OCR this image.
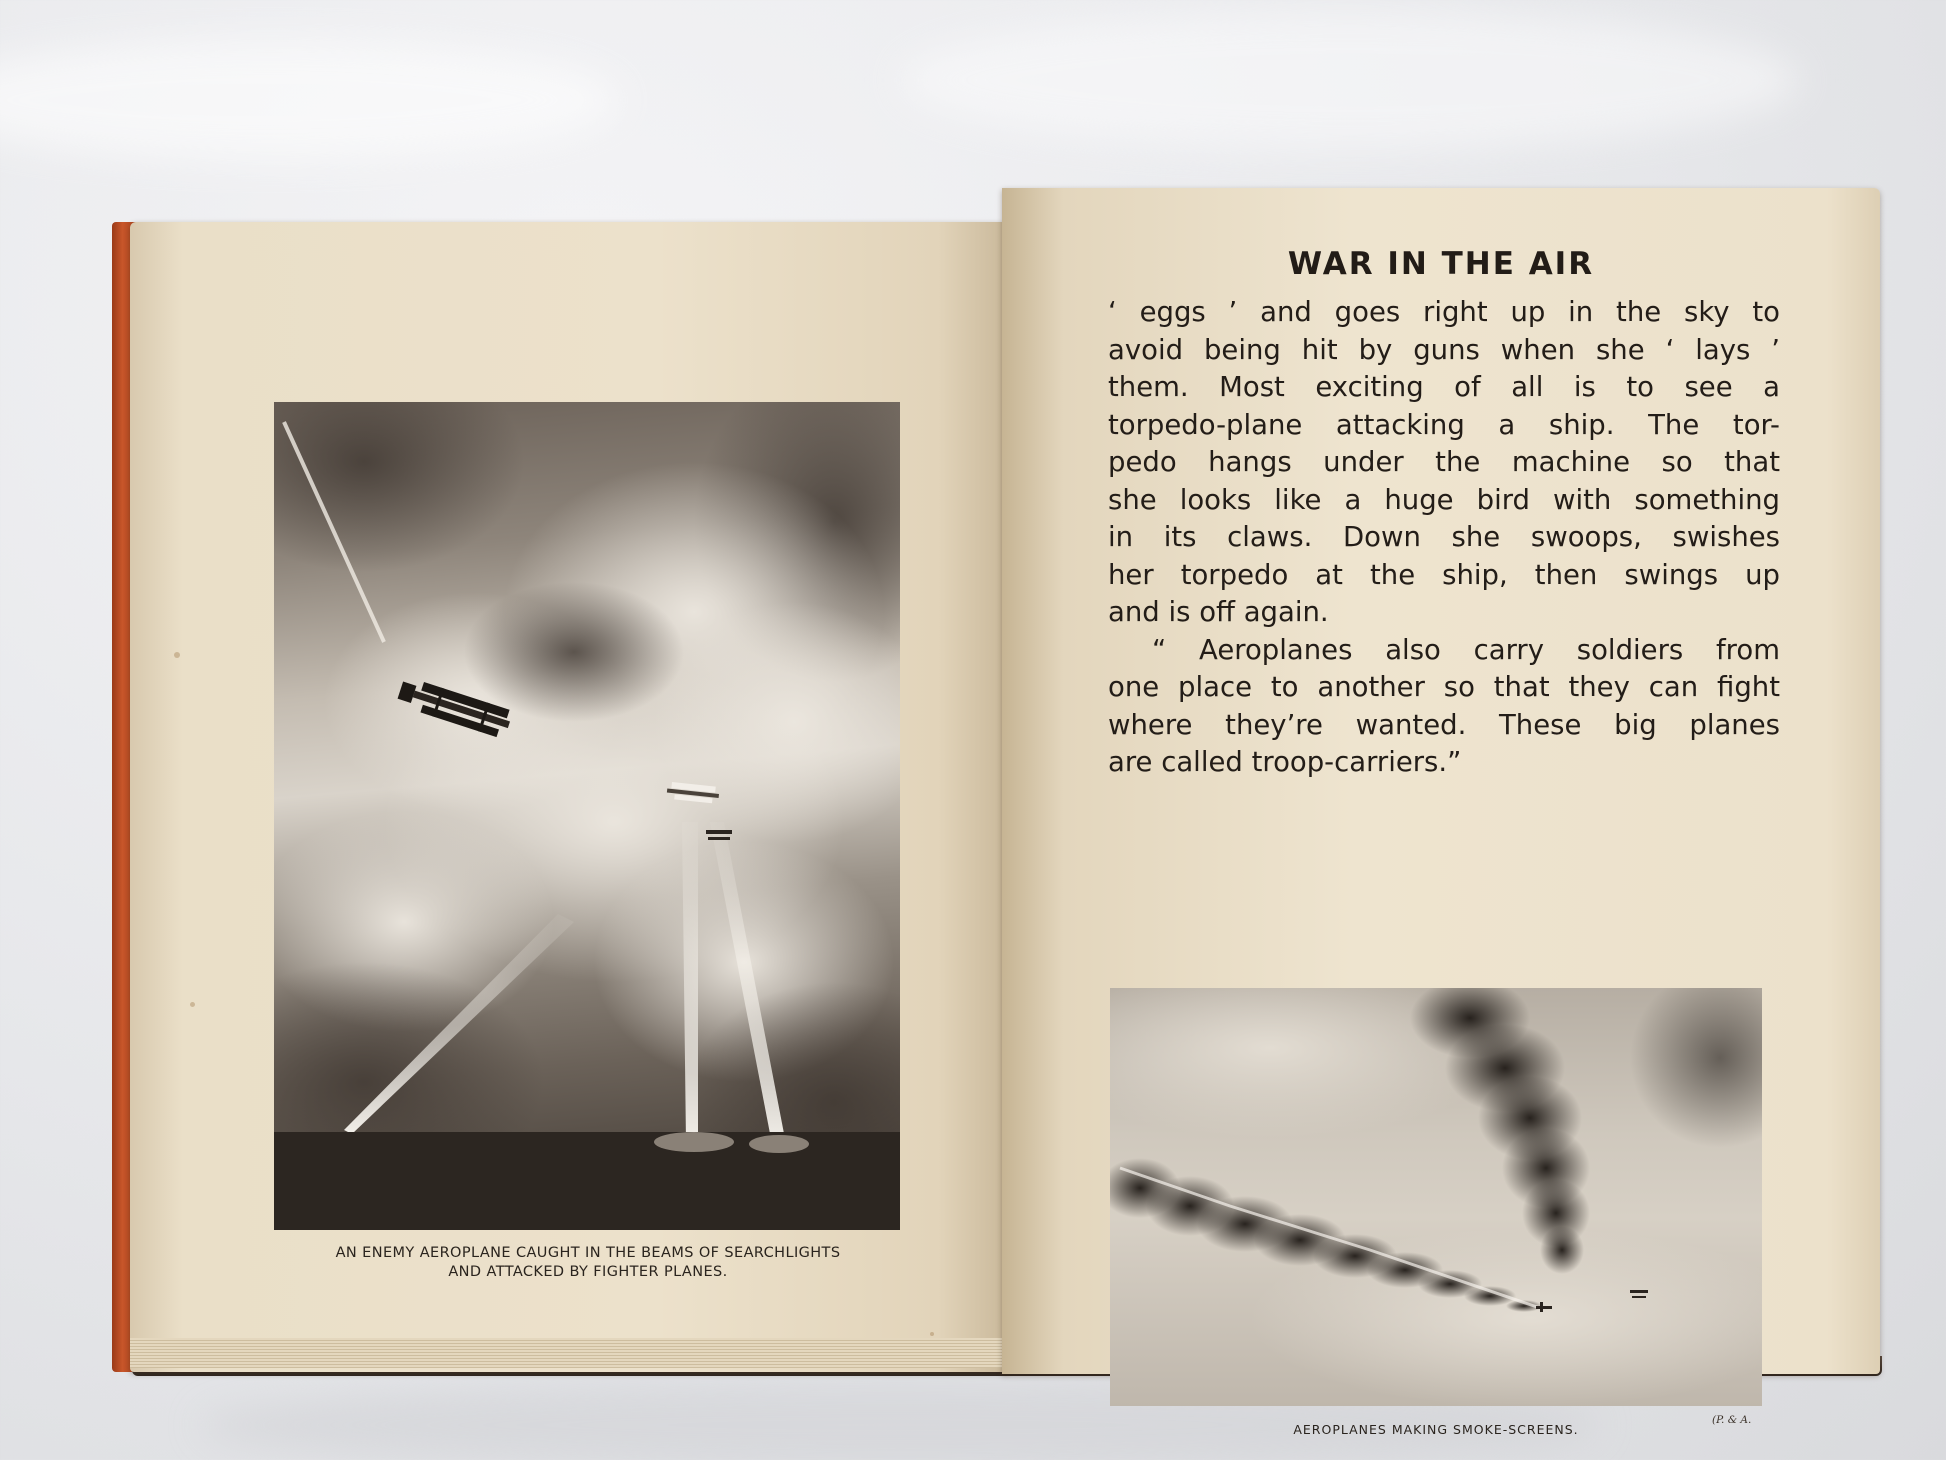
AN ENEMY AEROPLANE CAUGHT IN THE BEAMS OF SEARCHLIGHTS
AND ATTACKED BY FIGHTER PLANES.
WAR IN THE AIR
‘ eggs ’ and goes right up in the sky to
avoid being hit by guns when she ‘ lays ’
them. Most exciting of all is to see a
torpedo-plane attacking a ship. The tor-
pedo hangs under the machine so that
she looks like a huge bird with something
in its claws. Down she swoops, swishes
her torpedo at the ship, then swings up
and is off again.
“ Aeroplanes also carry soldiers from
one place to another so that they can fight
where they’re wanted. These big planes
are called troop-carriers.”
AEROPLANES MAKING SMOKE-SCREENS.
(P. & A.
